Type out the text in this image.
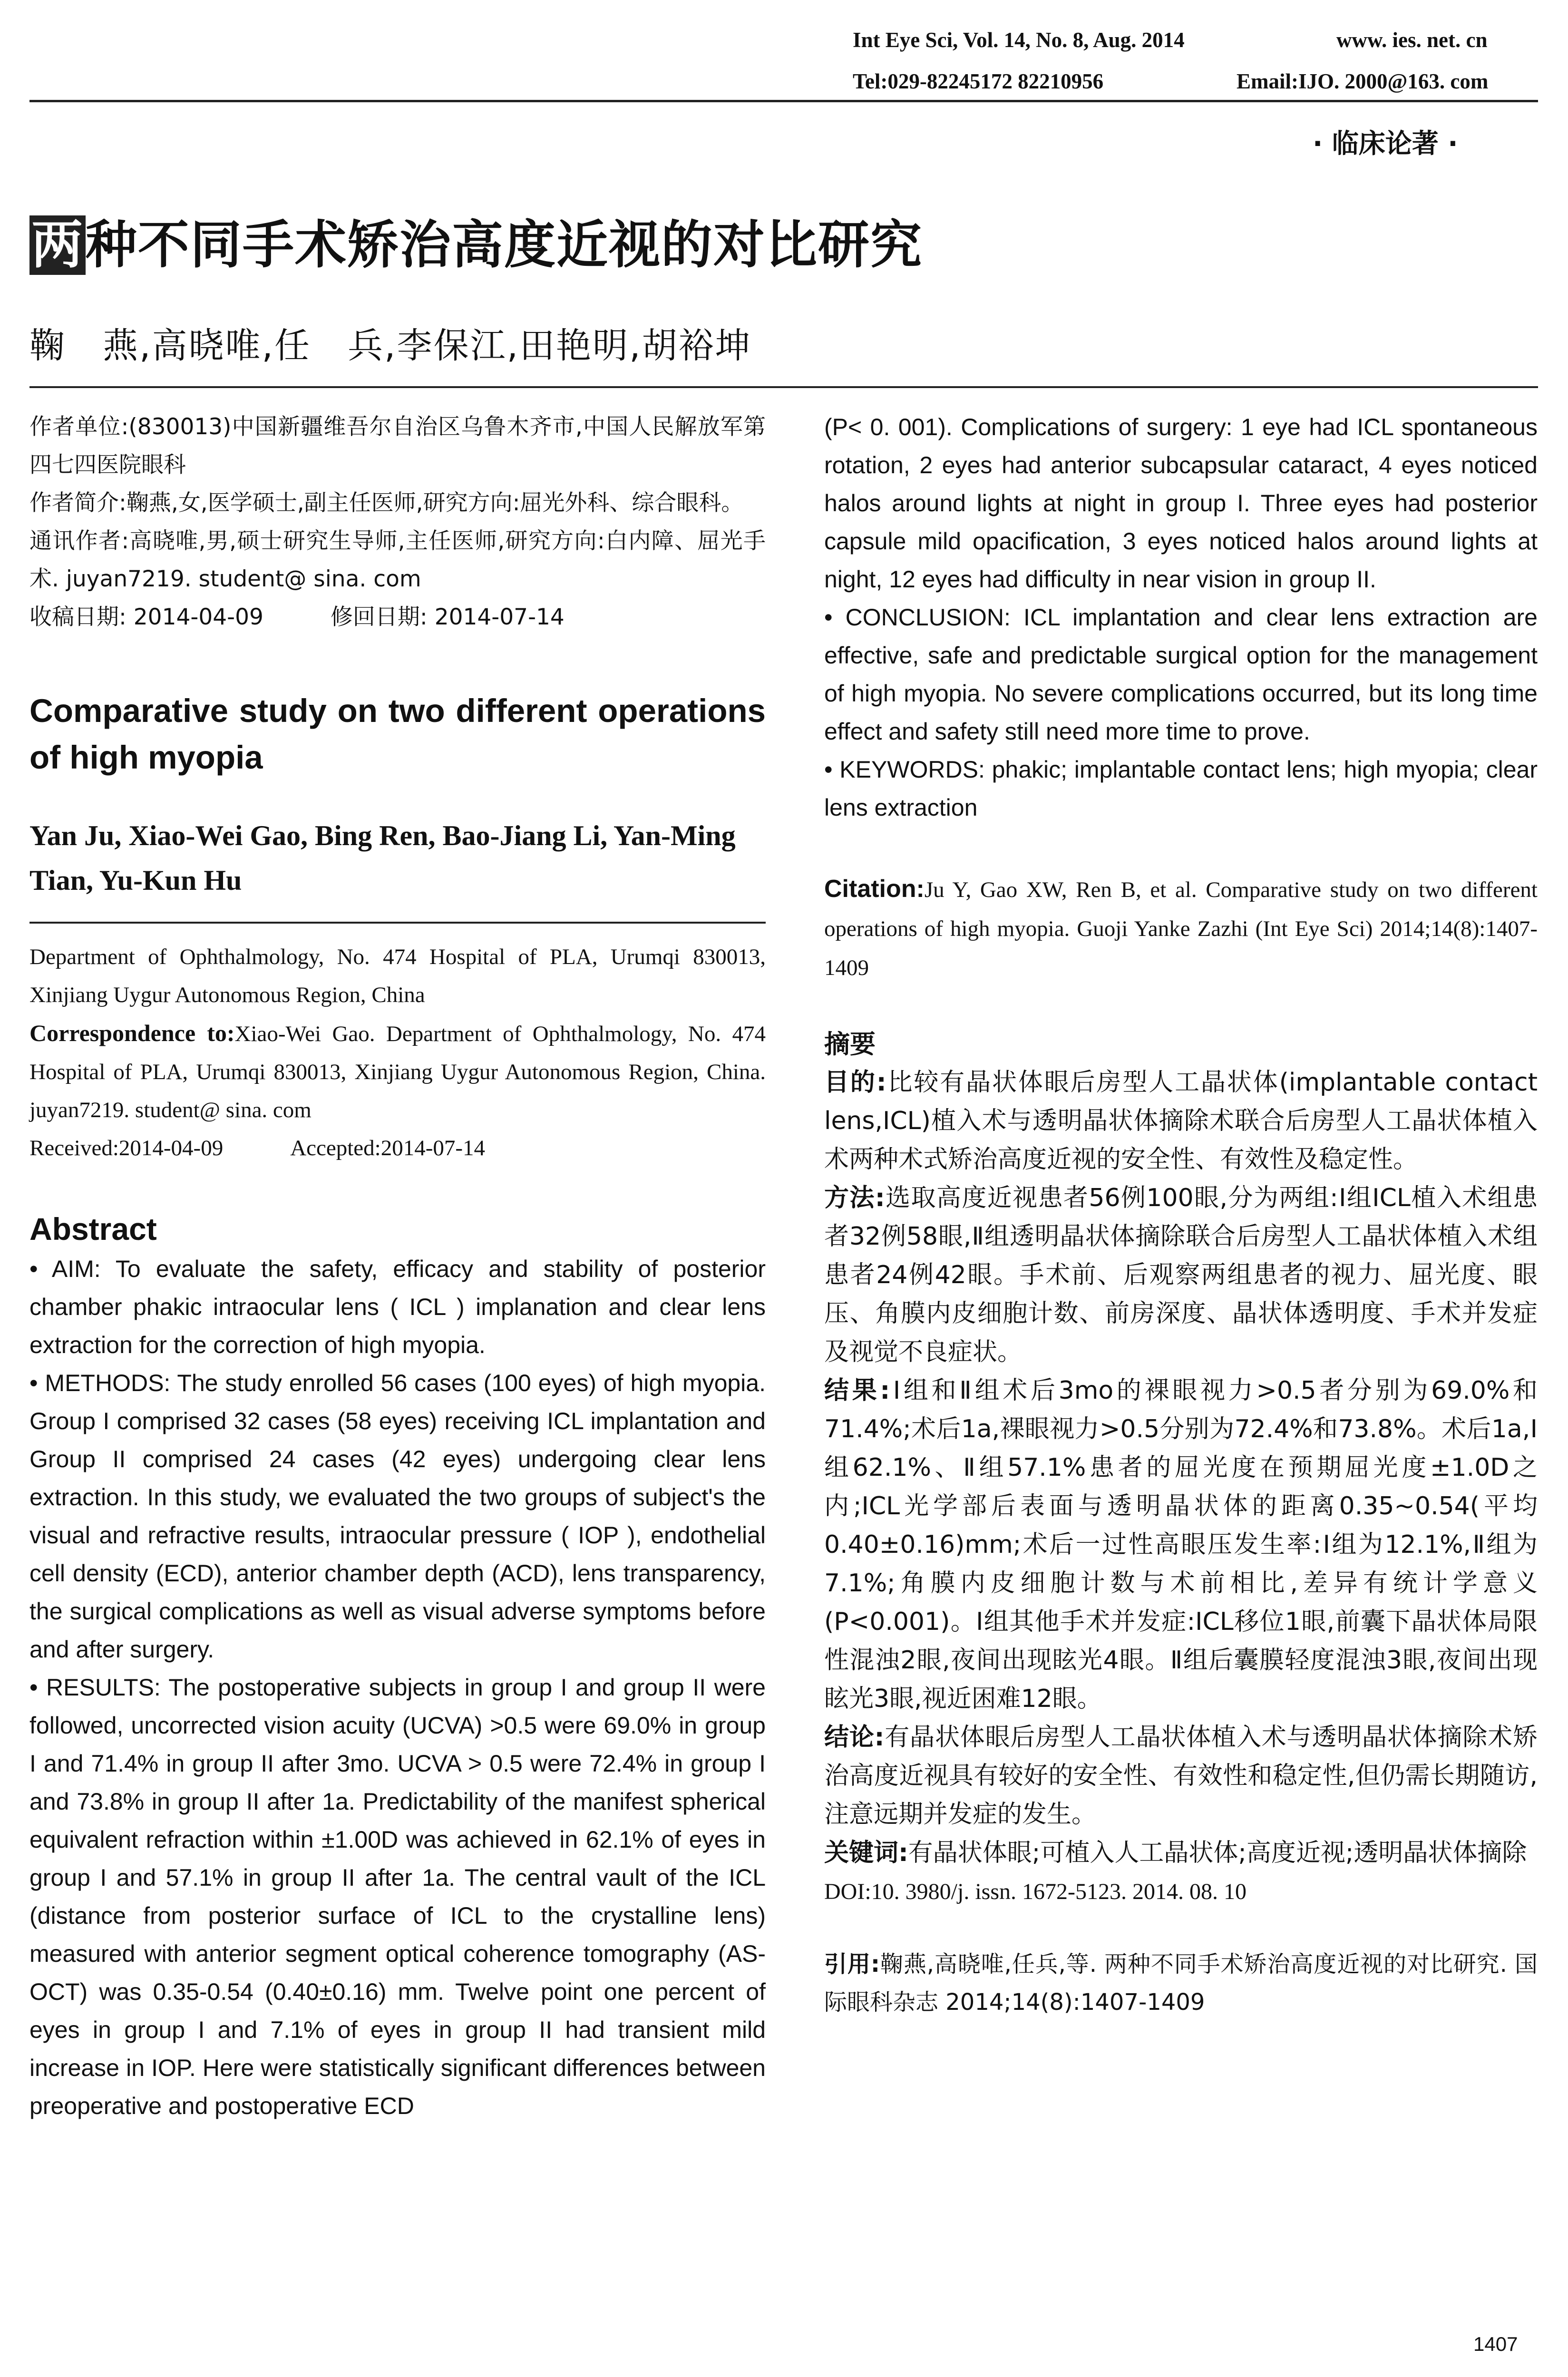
Int Eye Sci, Vol. 14, No. 8, Aug. 2014	www. ies. net. cn
Tel:029-82245172 82210956	Email:IJO. 2000@163. com
· 临床论著 ·
两种不同手术矫治高度近视的对比研究
鞠　燕,高晓唯,任　兵,李保江,田艳明,胡裕坤

作者单位:(830013)中国新疆维吾尔自治区乌鲁木齐市,中国人民解放军第四七四医院眼科

作者简介:鞠燕,女,医学硕士,副主任医师,研究方向:屈光外科、综合眼科。

通讯作者:高晓唯,男,硕士研究生导师,主任医师,研究方向:白内障、屈光手术. juyan7219. student@ sina. com

收稿日期: 2014-04-09　　　修回日期: 2014-07-14

Comparative study on two different operations of high myopia
Yan Ju, Xiao-Wei Gao, Bing Ren, Bao-Jiang Li, Yan-Ming Tian, Yu-Kun Hu

Department of Ophthalmology, No. 474 Hospital of PLA, Urumqi 830013, Xinjiang Uygur Autonomous Region, China

Correspondence to:Xiao-Wei Gao. Department of Ophthalmology, No. 474 Hospital of PLA, Urumqi 830013, Xinjiang Uygur Autonomous Region, China. juyan7219. student@ sina. com

Received:2014-04-09　　　Accepted:2014-07-14

Abstract

• AIM: To evaluate the safety, efficacy and stability of posterior chamber phakic intraocular lens ( ICL ) implanation and clear lens extraction for the correction of high myopia.

• METHODS: The study enrolled 56 cases (100 eyes) of high myopia. Group I comprised 32 cases (58 eyes) receiving ICL implantation and Group II comprised 24 cases (42 eyes) undergoing clear lens extraction. In this study, we evaluated the two groups of subject's the visual and refractive results, intraocular pressure ( IOP ), endothelial cell density (ECD), anterior chamber depth (ACD), lens transparency, the surgical complications as well as visual adverse symptoms before and after surgery.

• RESULTS: The postoperative subjects in group I and group II were followed, uncorrected vision acuity (UCVA) >0.5 were 69.0% in group I and 71.4% in group II after 3mo. UCVA > 0.5 were 72.4% in group I and 73.8% in group II after 1a. Predictability of the manifest spherical equivalent refraction within ±1.00D was achieved in 62.1% of eyes in group I and 57.1% in group II after 1a. The central vault of the ICL (distance from posterior surface of ICL to the crystalline lens) measured with anterior segment optical coherence tomography (AS-OCT) was 0.35-0.54 (0.40±0.16) mm. Twelve point one percent of eyes in group I and 7.1% of eyes in group II had transient mild increase in IOP. Here were statistically significant differences between preoperative and postoperative ECD

(P< 0. 001). Complications of surgery: 1 eye had ICL spontaneous rotation, 2 eyes had anterior subcapsular cataract, 4 eyes noticed halos around lights at night in group I. Three eyes had posterior capsule mild opacification, 3 eyes noticed halos around lights at night, 12 eyes had difficulty in near vision in group II.

• CONCLUSION: ICL implantation and clear lens extraction are effective, safe and predictable surgical option for the management of high myopia. No severe complications occurred, but its long time effect and safety still need more time to prove.

• KEYWORDS: phakic; implantable contact lens; high myopia; clear lens extraction

Citation:Ju Y, Gao XW, Ren B, et al. Comparative study on two different operations of high myopia. Guoji Yanke Zazhi (Int Eye Sci) 2014;14(8):1407-1409
摘要

目的:比较有晶状体眼后房型人工晶状体(implantable contact lens,ICL)植入术与透明晶状体摘除术联合后房型人工晶状体植入术两种术式矫治高度近视的安全性、有效性及稳定性。

方法:选取高度近视患者56例100眼,分为两组:Ⅰ组ICL植入术组患者32例58眼,Ⅱ组透明晶状体摘除联合后房型人工晶状体植入术组患者24例42眼。手术前、后观察两组患者的视力、屈光度、眼压、角膜内皮细胞计数、前房深度、晶状体透明度、手术并发症及视觉不良症状。

结果:Ⅰ组和Ⅱ组术后3mo的裸眼视力>0.5者分别为69.0%和71.4%;术后1a,裸眼视力>0.5分别为72.4%和73.8%。术后1a,Ⅰ组62.1%、Ⅱ组57.1%患者的屈光度在预期屈光度±1.0D之内;ICL光学部后表面与透明晶状体的距离0.35~0.54(平均0.40±0.16)mm;术后一过性高眼压发生率:Ⅰ组为12.1%,Ⅱ组为7.1%;角膜内皮细胞计数与术前相比,差异有统计学意义(P<0.001)。Ⅰ组其他手术并发症:ICL移位1眼,前囊下晶状体局限性混浊2眼,夜间出现眩光4眼。Ⅱ组后囊膜轻度混浊3眼,夜间出现眩光3眼,视近困难12眼。

结论:有晶状体眼后房型人工晶状体植入术与透明晶状体摘除术矫治高度近视具有较好的安全性、有效性和稳定性,但仍需长期随访,注意远期并发症的发生。

关键词:有晶状体眼;可植入人工晶状体;高度近视;透明晶状体摘除

DOI:10. 3980/j. issn. 1672-5123. 2014. 08. 10

引用:鞠燕,高晓唯,任兵,等. 两种不同手术矫治高度近视的对比研究. 国际眼科杂志 2014;14(8):1407-1409
1407
